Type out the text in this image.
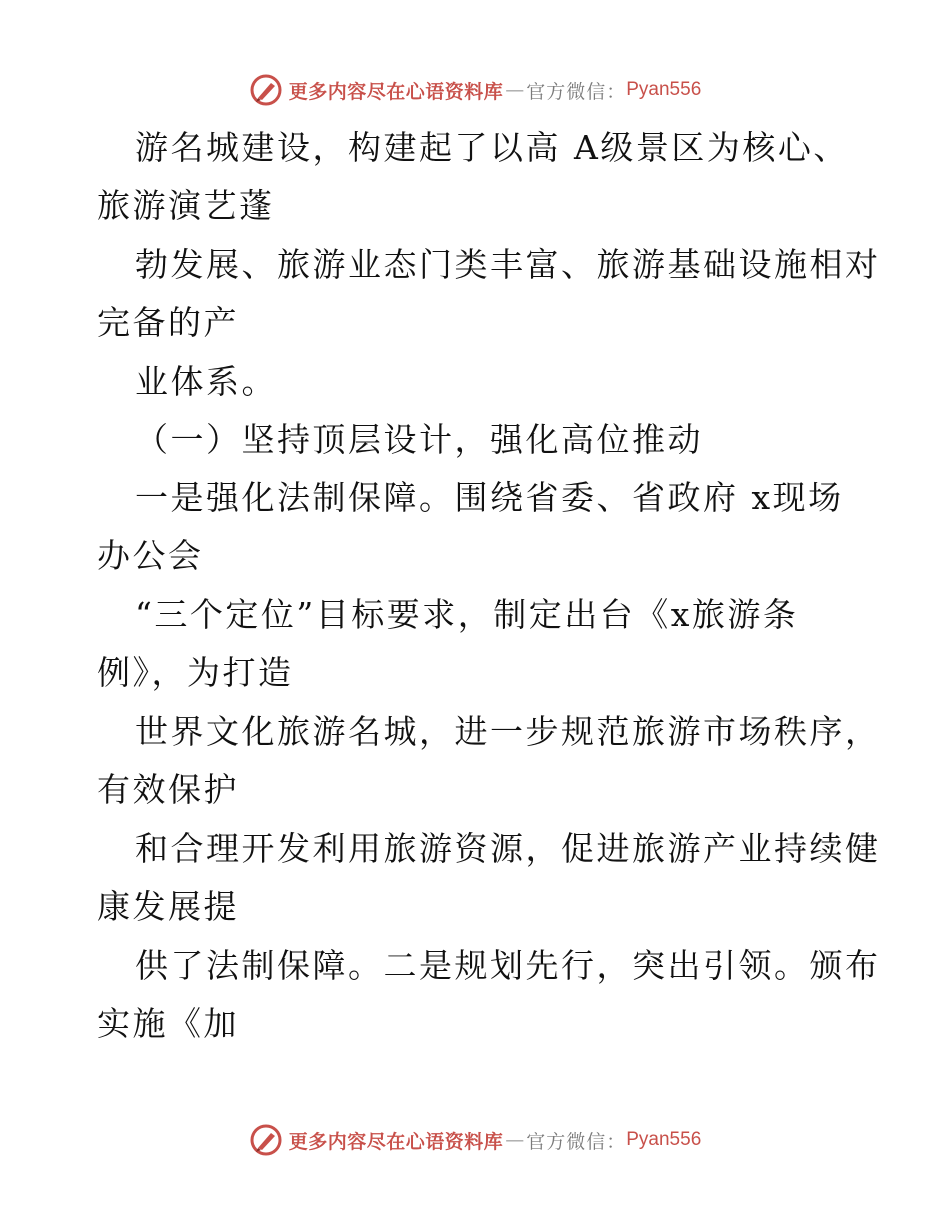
更多内容尽在心语资料库 — 官方微信： Pyan556
游名城建设，构建起了以高 A级景区为核心、
旅游演艺蓬
勃发展、旅游业态门类丰富、旅游基础设施相对
完备的产
业体系。
（一）坚持顶层设计，强化高位推动
一是强化法制保障。围绕省委、省政府 x现场
办公会
“三个定位”目标要求，制定出台《x旅游条
例》，为打造
世界文化旅游名城，进一步规范旅游市场秩序，
有效保护
和合理开发利用旅游资源，促进旅游产业持续健
康发展提
供了法制保障。二是规划先行，突出引领。颁布
实施《加
更多内容尽在心语资料库 — 官方微信： Pyan556
